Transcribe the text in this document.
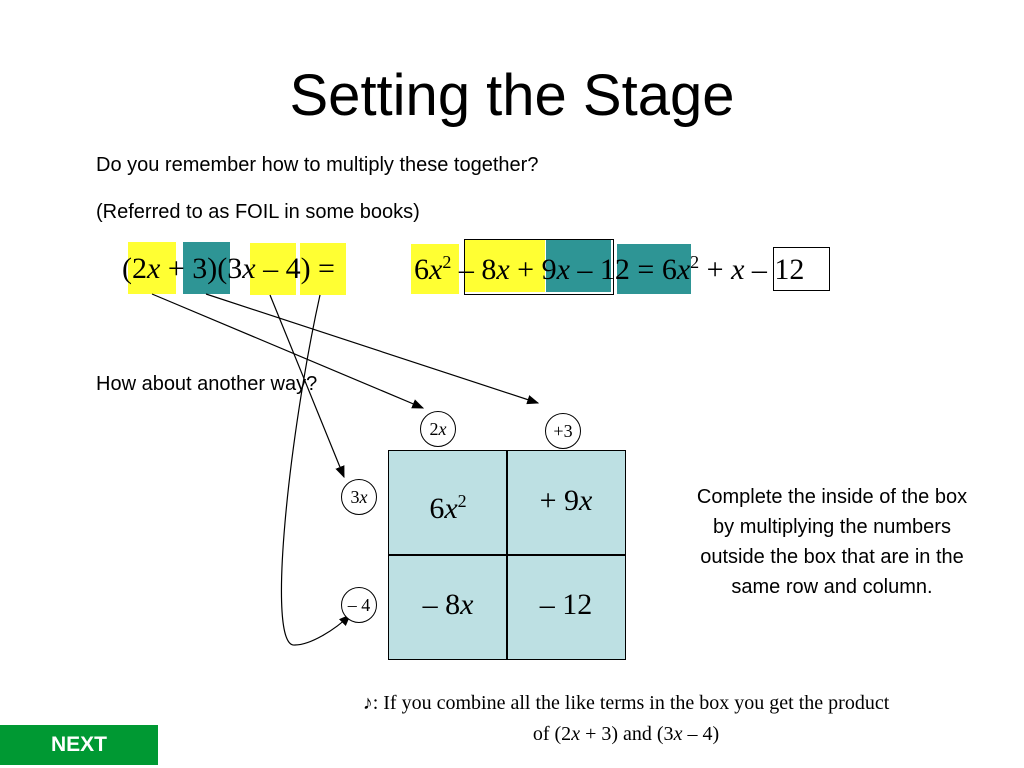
Setting the Stage
Do you remember how to multiply these together?
(Referred to as FOIL in some books)
(2x + 3)(3x – 4) =	$6x^2 - 8x + 9x - 12 = 6x^2 + x - 12$
How about another way?
2x	+3
3x
– 4
$6x^2$	+ 9x
– 8x	– 12
Complete the inside of the box by multiplying the numbers outside the box that are in the same row and column.
♪: If you combine all the like terms in the box you get the product
of (2x + 3) and (3x – 4)
NEXT
